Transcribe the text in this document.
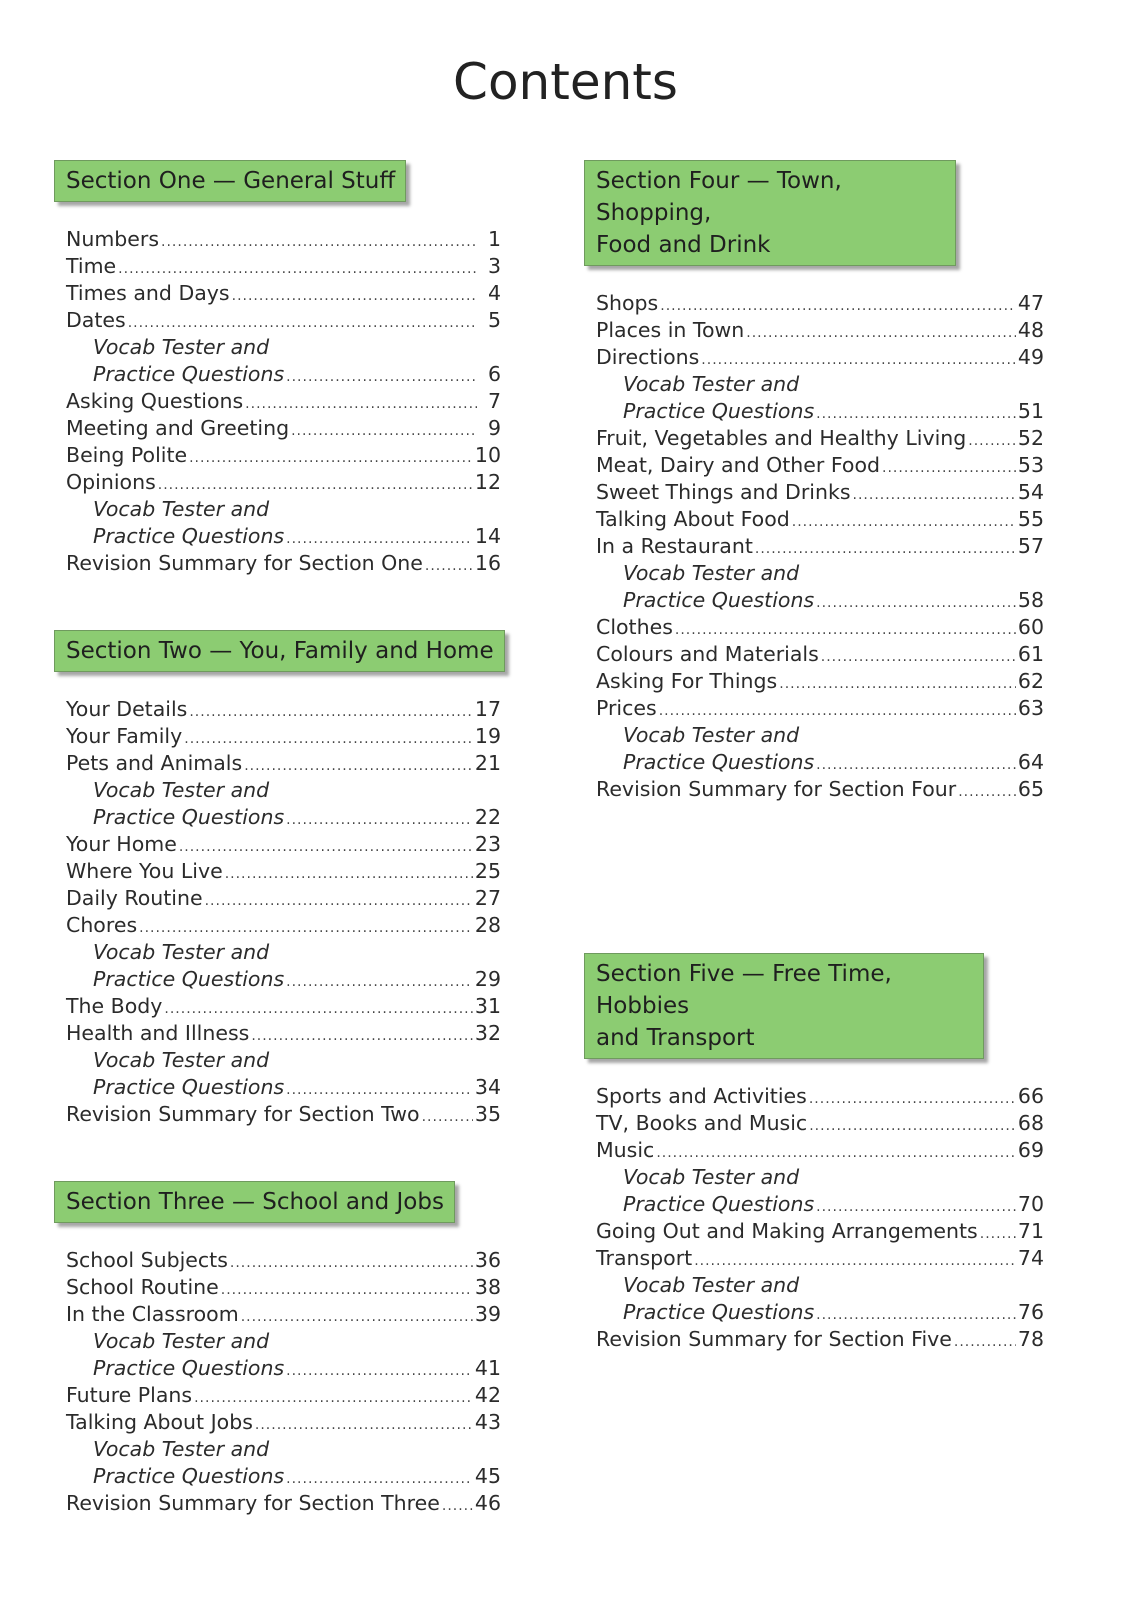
Contents
Section One — General Stuff
Numbers .....	1
Time .....	3
Times and Days .....	4
Dates .....	5
Vocab Tester and
Practice Questions .....	6
Asking Questions .....	7
Meeting and Greeting .....	9
Being Polite .....	10
Opinions .....	12
Vocab Tester and
Practice Questions .....	14
Revision Summary for Section One .....	16
Section Two — You, Family and Home
Your Details .....	17
Your Family .....	19
Pets and Animals .....	21
Vocab Tester and
Practice Questions .....	22
Your Home .....	23
Where You Live .....	25
Daily Routine .....	27
Chores .....	28
Vocab Tester and
Practice Questions .....	29
The Body .....	31
Health and Illness .....	32
Vocab Tester and
Practice Questions .....	34
Revision Summary for Section Two .....	35
Section Three — School and Jobs
School Subjects .....	36
School Routine .....	38
In the Classroom .....	39
Vocab Tester and
Practice Questions .....	41
Future Plans .....	42
Talking About Jobs .....	43
Vocab Tester and
Practice Questions .....	45
Revision Summary for Section Three ..... 46
Section Four — Town, Shopping,
Food and Drink
Shops .....	47
Places in Town .....	48
Directions .....	49
Vocab Tester and
Practice Questions .....	51
Fruit, Vegetables and Healthy Living .....	52
Meat, Dairy and Other Food .....	53
Sweet Things and Drinks .....	54
Talking About Food .....	55
In a Restaurant .....	57
Vocab Tester and
Practice Questions .....	58
Clothes .....	60
Colours and Materials .....	61
Asking For Things .....	62
Prices .....	63
Vocab Tester and
Practice Questions .....	64
Revision Summary for Section Four .....	65
Section Five — Free Time, Hobbies
and Transport
Sports and Activities .....	66
TV, Books and Music .....	68
Music .....	69
Vocab Tester and
Practice Questions .....	70
Going Out and Making Arrangements ..... 71
Transport .....	74
Vocab Tester and
Practice Questions .....	76
Revision Summary for Section Five .....	78
